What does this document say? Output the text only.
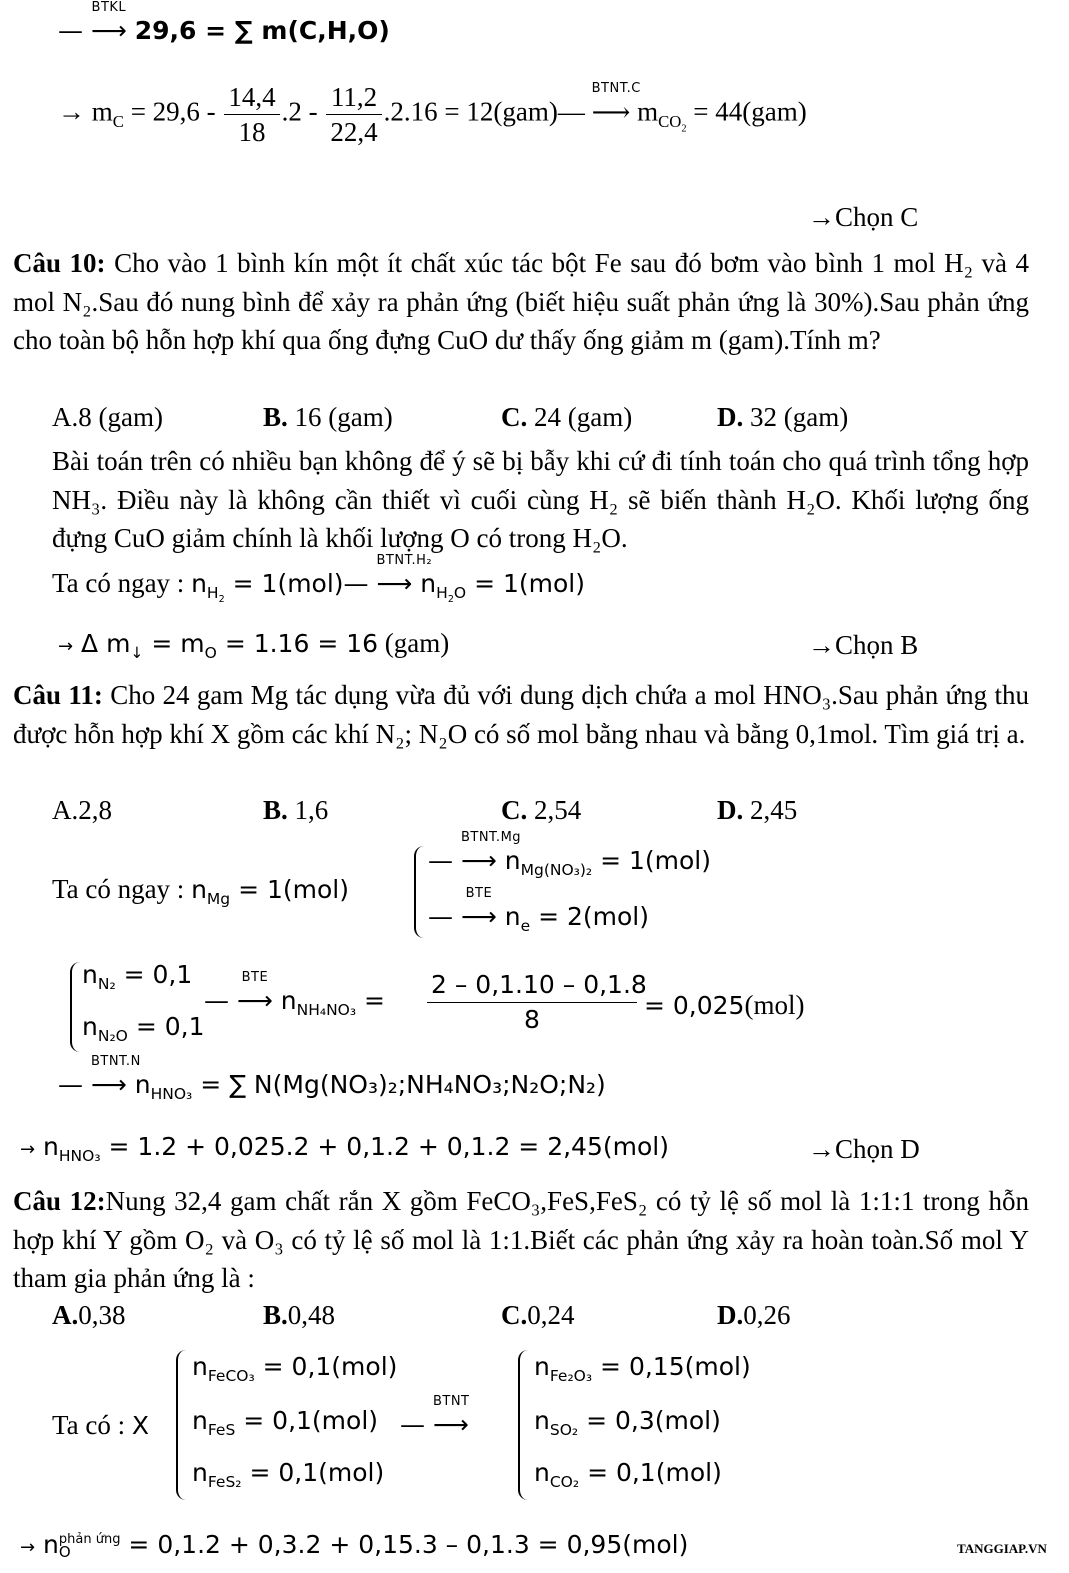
—
BTKL
⟶ 29,6 = ∑ m(C,H,O)
→ $m_C = 29,6 - \frac{14,4}{18} .2 - \frac{11,2}{22,4} .2.16$ = 12(gam)—
BTNT.C
⟶ $m_{CO_2} = 44(gam)$
→Chọn C
Câu 10: Cho vào 1 bình kín một ít chất xúc tác bột Fe sau đó bơm vào bình 1 mol H₂ và 4 mol N₂.Sau đó nung bình để xảy ra phản ứng (biết hiệu suất phản ứng là 30%).Sau phản ứng cho toàn bộ hỗn hợp khí qua ống đựng CuO dư thấy ống giảm m (gam).Tính m?
A.8 (gam)	B. 16 (gam)	C. 24 (gam)	D. 32 (gam)
Bài toán trên có nhiều bạn không để ý sẽ bị bẫy khi cứ đi tính toán cho quá trình tổng hợp NH₃. Điều này là không cần thiết vì cuối cùng H₂ sẽ biến thành H₂O. Khối lượng ống đựng CuO giảm chính là khối lượng O có trong H₂O.
Ta có ngay : $n_{H_2}$ = 1(mol)—
BTNT.H₂
⟶ $n_{H_2O} = 1(mol)$
→ Δ $m_↓ = m_O = 1.16 = 16$ (gam)	→Chọn B
Câu 11: Cho 24 gam Mg tác dụng vừa đủ với dung dịch chứa a mol HNO₃.Sau phản ứng thu được hỗn hợp khí X gồm các khí N₂; N₂O có số mol bằng nhau và bằng 0,1mol. Tìm giá trị a.
A.2,8	B. 1,6	C. 2,54	D. 2,45
Ta có ngay : $n_{Mg} = 1(mol)$
—
BTNT.Mg
⟶ $n_{Mg(NO_3)_2} = 1(mol)$
—
BTE
⟶ $n_e = 2(mol)$
$n_{N_2} = 0,1$
$n_{N_2O} = 0,1$
—
BTE
⟶ $n_{NH_4NO_3} = \frac{2 - 0,1.10 - 0,1.8}{8} = 0,025(mol)$
—
BTNT.N
⟶ $n_{HNO_3}$ = ∑ N(Mg(NO₃)₂;NH₄NO₃;N₂O;N₂)
→ $n_{HNO_3} = 1.2 + 0,025.2 + 0,1.2 + 0,1.2 = 2,45(mol)$	→Chọn D
Câu 12:Nung 32,4 gam chất rắn X gồm FeCO₃,FeS,FeS₂ có tỷ lệ số mol là 1:1:1 trong hỗn hợp khí Y gồm O₂ và O₃ có tỷ lệ số mol là 1:1.Biết các phản ứng xảy ra hoàn toàn.Số mol Y tham gia phản ứng là :
A.0,38	B.0,48	C.0,24	D.0,26
Ta có : X
$n_{FeCO_3} = 0,1(mol)$
$n_{FeS} = 0,1(mol)$
$n_{FeS_2} = 0,1(mol)$
—
BTNT
⟶
$n_{Fe_2O_3} = 0,15(mol)$
$n_{SO_2} = 0,3(mol)$
$n_{CO_2} = 0,1(mol)$
→ n phản ứng
O	= 0,1.2 + 0,3.2 + 0,15.3 – 0,1.3 = 0,95(mol)	TANGGIAP.VN
